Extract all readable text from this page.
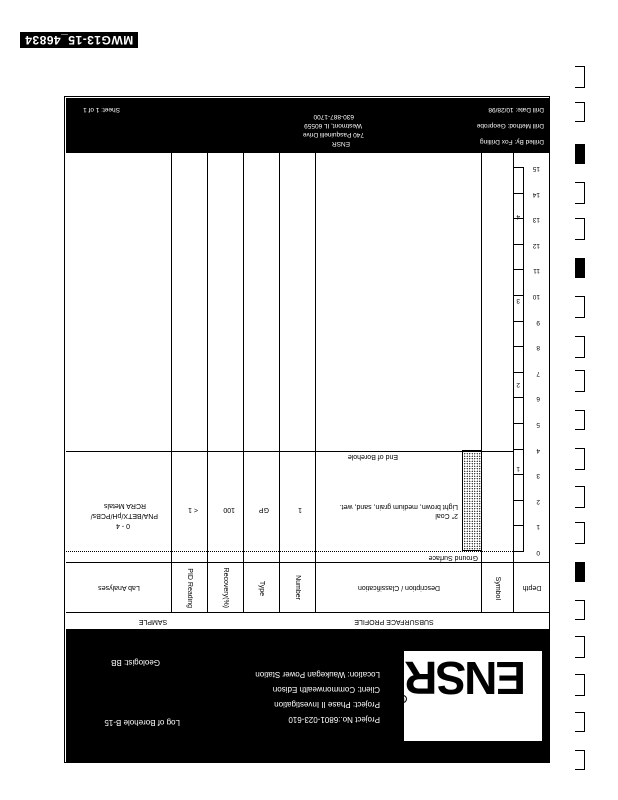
MWG13-15_46834
ENSR
®
Project No.:6801-023-610
Project: Phase II Investigation
Client: Commonwealth Edison
Location: Waukegan Power Station
Log of Borehole B-15
Geologist: BB
SUBSURFACE PROFILE
SAMPLE
Depth
Symbol
Description / Classification
Number
Type
Recovery(%)
PID Reading
Lab Analyses
Ground Surface
2" Coal
Light brown, medium grain, sand, wet.
1
GP
100
< 1
0 - 4
PNA/BETX/pH/PCBs/
RCRA Metals
End of Borehole
0
1
2
3
4
5
6
7
8
9
10
11
12
13
14
15
1
2
3
4
Drilled By: Fox Drilling
Drill Method: Geoprobe
Drill Date: 10/28/98
ENSR
740 Pasquinelli Drive
Westmont, IL 60559
630-887-1700
Sheet: 1 of 1
